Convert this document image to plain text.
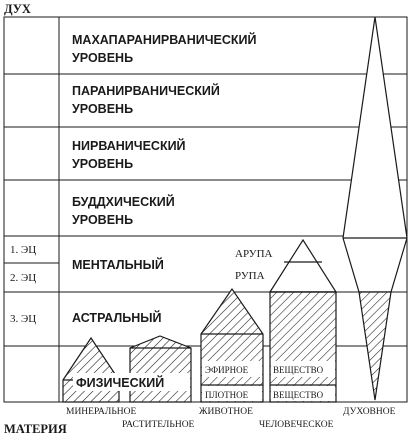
ДУХ
МАТЕРИЯ
1. ЭЦ
2. ЭЦ
3. ЭЦ
МАХАПАРАНИРВАНИЧЕСКИЙ
УРОВЕНЬ
ПАРАНИРВАНИЧЕСКИЙ
УРОВЕНЬ
НИРВАНИЧЕСКИЙ
УРОВЕНЬ
БУДДХИЧЕСКИЙ
УРОВЕНЬ
МЕНТАЛЬНЫЙ
АСТРАЛЬНЫЙ
ФИЗИЧЕСКИЙ
АРУПА
РУПА
ЭФИРНОЕ
ПЛОТНОЕ
ВЕЩЕСТВО
ВЕЩЕСТВО
МИНЕРАЛЬНОЕ
РАСТИТЕЛЬНОЕ
ЖИВОТНОЕ
ЧЕЛОВЕЧЕСКОЕ
ДУХОВНОЕ
